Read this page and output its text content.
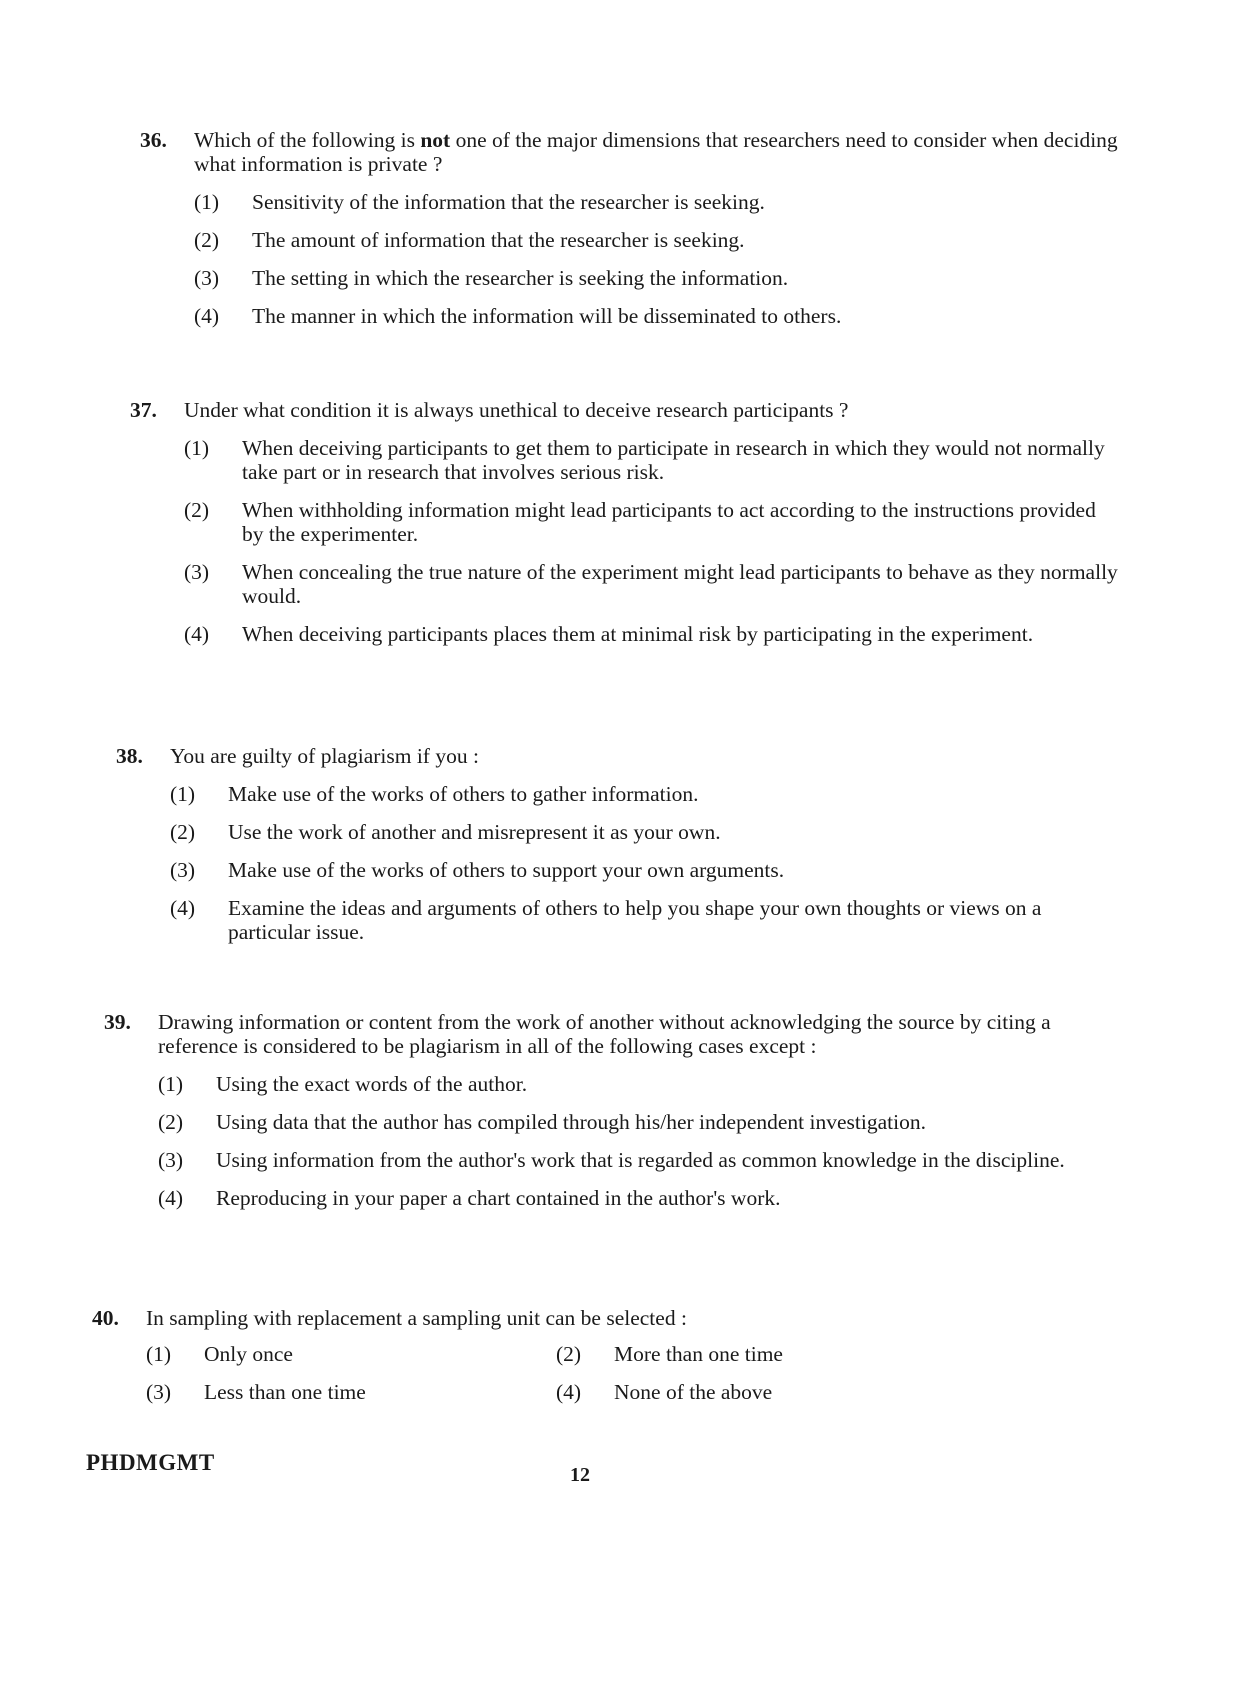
36.	Which of the following is not one of the major dimensions that researchers need to consider when deciding what information is private ?
(1)	Sensitivity of the information that the researcher is seeking.
(2)	The amount of information that the researcher is seeking.
(3)	The setting in which the researcher is seeking the information.
(4)	The manner in which the information will be disseminated to others.
37.	Under what condition it is always unethical to deceive research participants ?
(1)	When deceiving participants to get them to participate in research in which they would not normally take part or in research that involves serious risk.
(2)	When withholding information might lead participants to act according to the instructions provided by the experimenter.
(3)	When concealing the true nature of the experiment might lead participants to behave as they normally would.
(4)	When deceiving participants places them at minimal risk by participating in the experiment.
38.	You are guilty of plagiarism if you :
(1)	Make use of the works of others to gather information.
(2)	Use the work of another and misrepresent it as your own.
(3)	Make use of the works of others to support your own arguments.
(4)	Examine the ideas and arguments of others to help you shape your own thoughts or views on a particular issue.
39.	Drawing information or content from the work of another without acknowledging the source by citing a reference is considered to be plagiarism in all of the following cases except :
(1)	Using the exact words of the author.
(2)	Using data that the author has compiled through his/her independent investigation.
(3)	Using information from the author's work that is regarded as common knowledge in the discipline.
(4)	Reproducing in your paper a chart contained in the author's work.
40.	In sampling with replacement a sampling unit can be selected :
(1)	Only once	(2)	More than one time
(3)	Less than one time	(4)	None of the above
PHDMGMT	12
